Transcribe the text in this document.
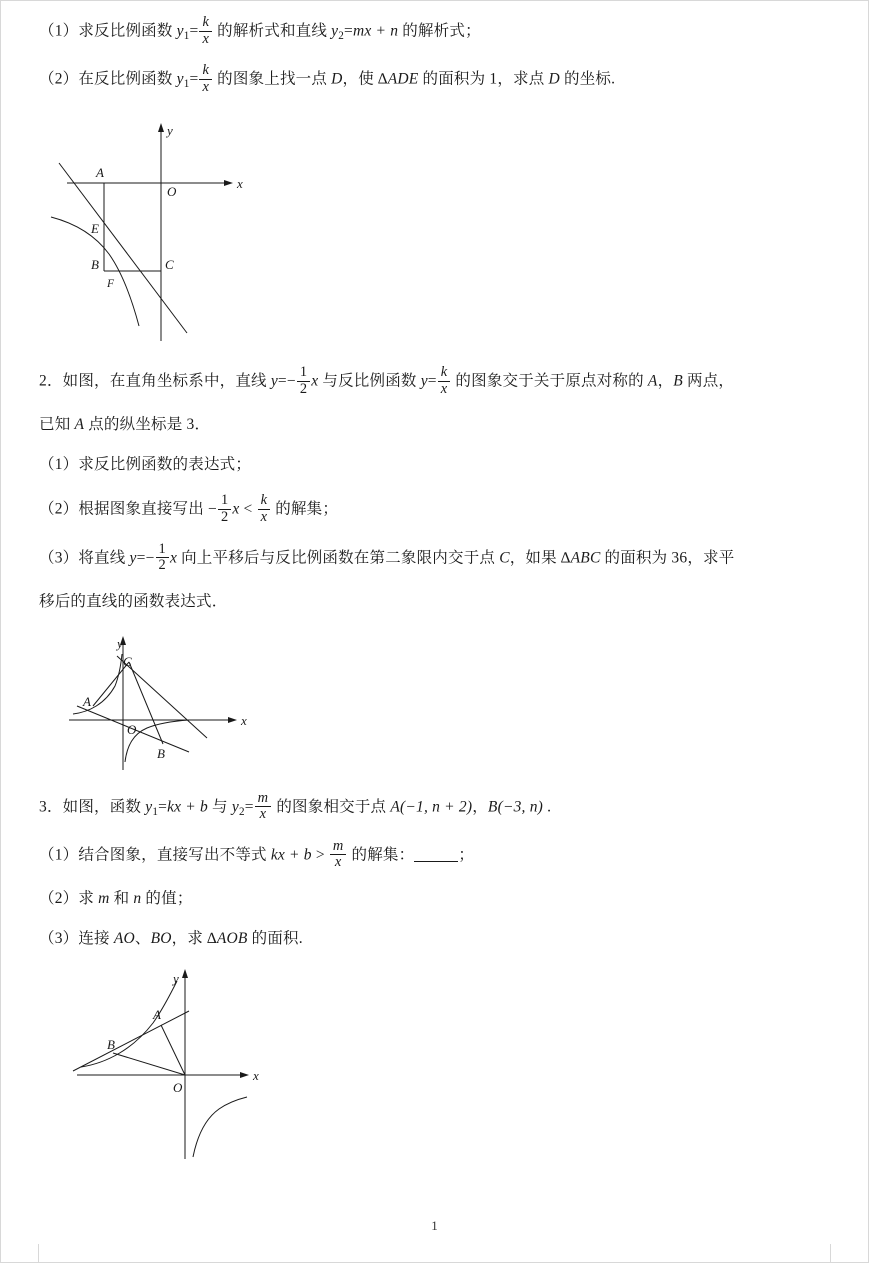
（1）求反比例函数 $y_1= \frac{k}{x}$ 的解析式和直线 $y_2=mx + n$ 的解析式；

（2）在反比例函数 $y_1= \frac{k}{x}$ 的图象上找一点 D，使 ∆ADE 的面积为 1，求点 D 的坐标.

A
O
x
y
E
B
F
C

2．如图，在直角坐标系中，直线 $y=- \frac{1}{2}$ x 与反比例函数 $y= \frac{k}{x}$ 的图象交于关于原点对称的 A，B 两点，

已知 A 点的纵坐标是 3．

（1）求反比例函数的表达式；

（2）根据图象直接写出 − $\frac{1}{2}$ $x < \frac{k}{x}$ 的解集；

（3）将直线 $y=- \frac{1}{2}$ x 向上平移后与反比例函数在第二象限内交于点 C，如果 ∆ABC 的面积为 36，求平

移后的直线的函数表达式．

y
x
C
A
O
B

3．如图，函数 $y_1=kx + b$ 与 $y_2= \frac{m}{x}$ 的图象相交于点 A(−1, n + 2)，B(−3, n) .

（1）结合图象，直接写出不等式 kx + $b > \frac{m}{x}$ 的解集：	；

（2）求 m 和 n 的值；

（3）连接 AO、BO，求 ∆AOB 的面积.

y
x
A
B
O
1
